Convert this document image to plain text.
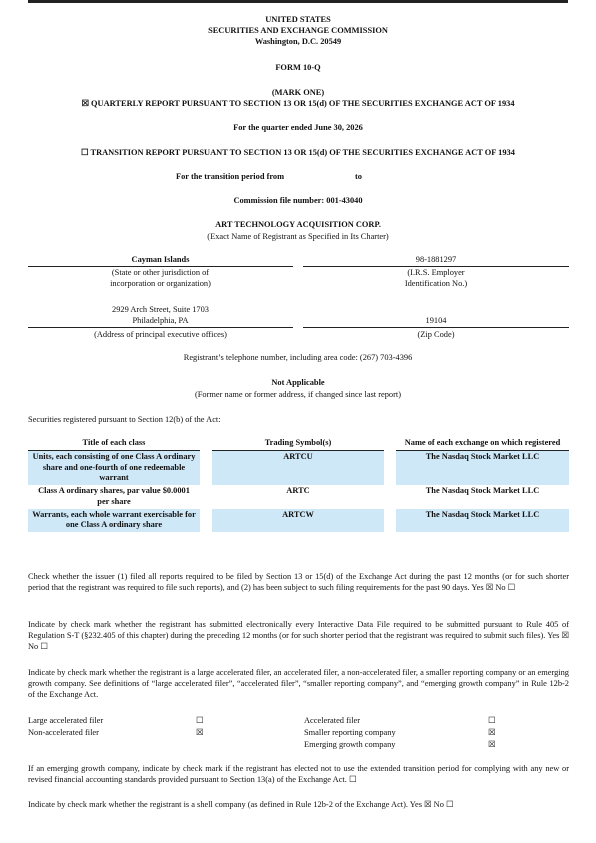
UNITED STATES
SECURITIES AND EXCHANGE COMMISSION
Washington, D.C. 20549
FORM 10-Q
(MARK ONE)
☒ QUARTERLY REPORT PURSUANT TO SECTION 13 OR 15(d) OF THE SECURITIES EXCHANGE ACT OF 1934
For the quarter ended June 30, 2026
☐ TRANSITION REPORT PURSUANT TO SECTION 13 OR 15(d) OF THE SECURITIES EXCHANGE ACT OF 1934
For the transition period from	to
Commission file number: 001-43040
ART TECHNOLOGY ACQUISITION CORP.
(Exact Name of Registrant as Specified in Its Charter)
Cayman Islands	98-1881297
(State or other jurisdiction of
incorporation or organization)
(I.R.S. Employer
Identification No.)
2929 Arch Street, Suite 1703
Philadelphia, PA	19104
(Address of principal executive offices)	(Zip Code)
Registrant’s telephone number, including area code: (267) 703-4396
Not Applicable
(Former name or former address, if changed since last report)
Securities registered pursuant to Section 12(b) of the Act:
Title of each class		Trading Symbol(s)		Name of each exchange on which registered
Units, each consisting of one Class A ordinary share and one-fourth of one redeemable warrant		ARTCU		The Nasdaq Stock Market LLC
Class A ordinary shares, par value $0.0001 per share		ARTC		The Nasdaq Stock Market LLC
Warrants, each whole warrant exercisable for one Class A ordinary share		ARTCW		The Nasdaq Stock Market LLC
Check whether the issuer (1) filed all reports required to be filed by Section 13 or 15(d) of the Exchange Act during the past 12 months (or for such shorter period that the registrant was required to file such reports), and (2) has been subject to such filing requirements for the past 90 days. Yes ☒ No ☐
Indicate by check mark whether the registrant has submitted electronically every Interactive Data File required to be submitted pursuant to Rule 405 of Regulation S-T (§232.405 of this chapter) during the preceding 12 months (or for such shorter period that the registrant was required to submit such files). Yes ☒ No ☐
Indicate by check mark whether the registrant is a large accelerated filer, an accelerated filer, a non-accelerated filer, a smaller reporting company or an emerging growth company. See definitions of “large accelerated filer”, “accelerated filer”, “smaller reporting company”, and “emerging growth company” in Rule 12b-2 of the Exchange Act.
Large accelerated filer	☐
Non-accelerated filer	☒
Accelerated filer	☐
Smaller reporting company	☒
Emerging growth company	☒
If an emerging growth company, indicate by check mark if the registrant has elected not to use the extended transition period for complying with any new or revised financial accounting standards provided pursuant to Section 13(a) of the Exchange Act. ☐
Indicate by check mark whether the registrant is a shell company (as defined in Rule 12b-2 of the Exchange Act). Yes ☒ No ☐
